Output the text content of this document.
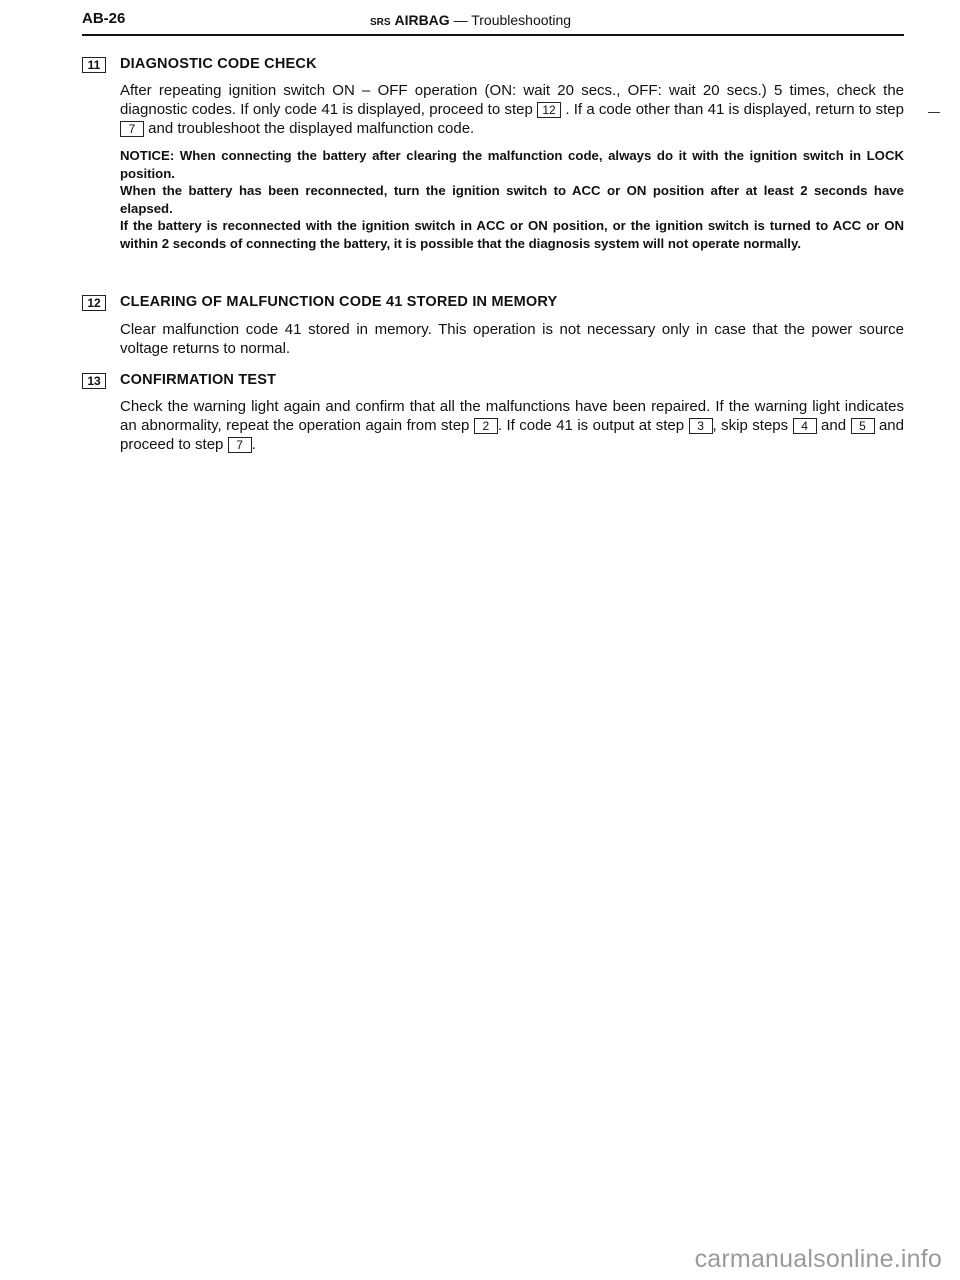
AB-26	SRS AIRBAG — Troubleshooting
11	DIAGNOSTIC CODE CHECK
After repeating ignition switch ON – OFF operation (ON: wait 20 secs., OFF: wait 20 secs.) 5 times, check the diagnostic codes. If only code 41 is displayed, proceed to step 12 . If a code other than 41 is displayed, return to step 7 and troubleshoot the displayed malfunction code.

NOTICE: When connecting the battery after clearing the malfunction code, always do it with the ignition switch in LOCK position.

When the battery has been reconnected, turn the ignition switch to ACC or ON position after at least 2 seconds have elapsed.

If the battery is reconnected with the ignition switch in ACC or ON position, or the ignition switch is turned to ACC or ON within 2 seconds of connecting the battery, it is possible that the diagnosis system will not operate normally.

12	CLEARING OF MALFUNCTION CODE 41 STORED IN MEMORY
Clear malfunction code 41 stored in memory. This operation is not necessary only in case that the power source voltage returns to normal.
13	CONFIRMATION TEST
Check the warning light again and confirm that all the malfunctions have been repaired. If the warning light indicates an abnormality, repeat the operation again from step 2 . If code 41 is output at step 3 , skip steps 4 and 5 and proceed to step 7 .
carmanualsonline.info
